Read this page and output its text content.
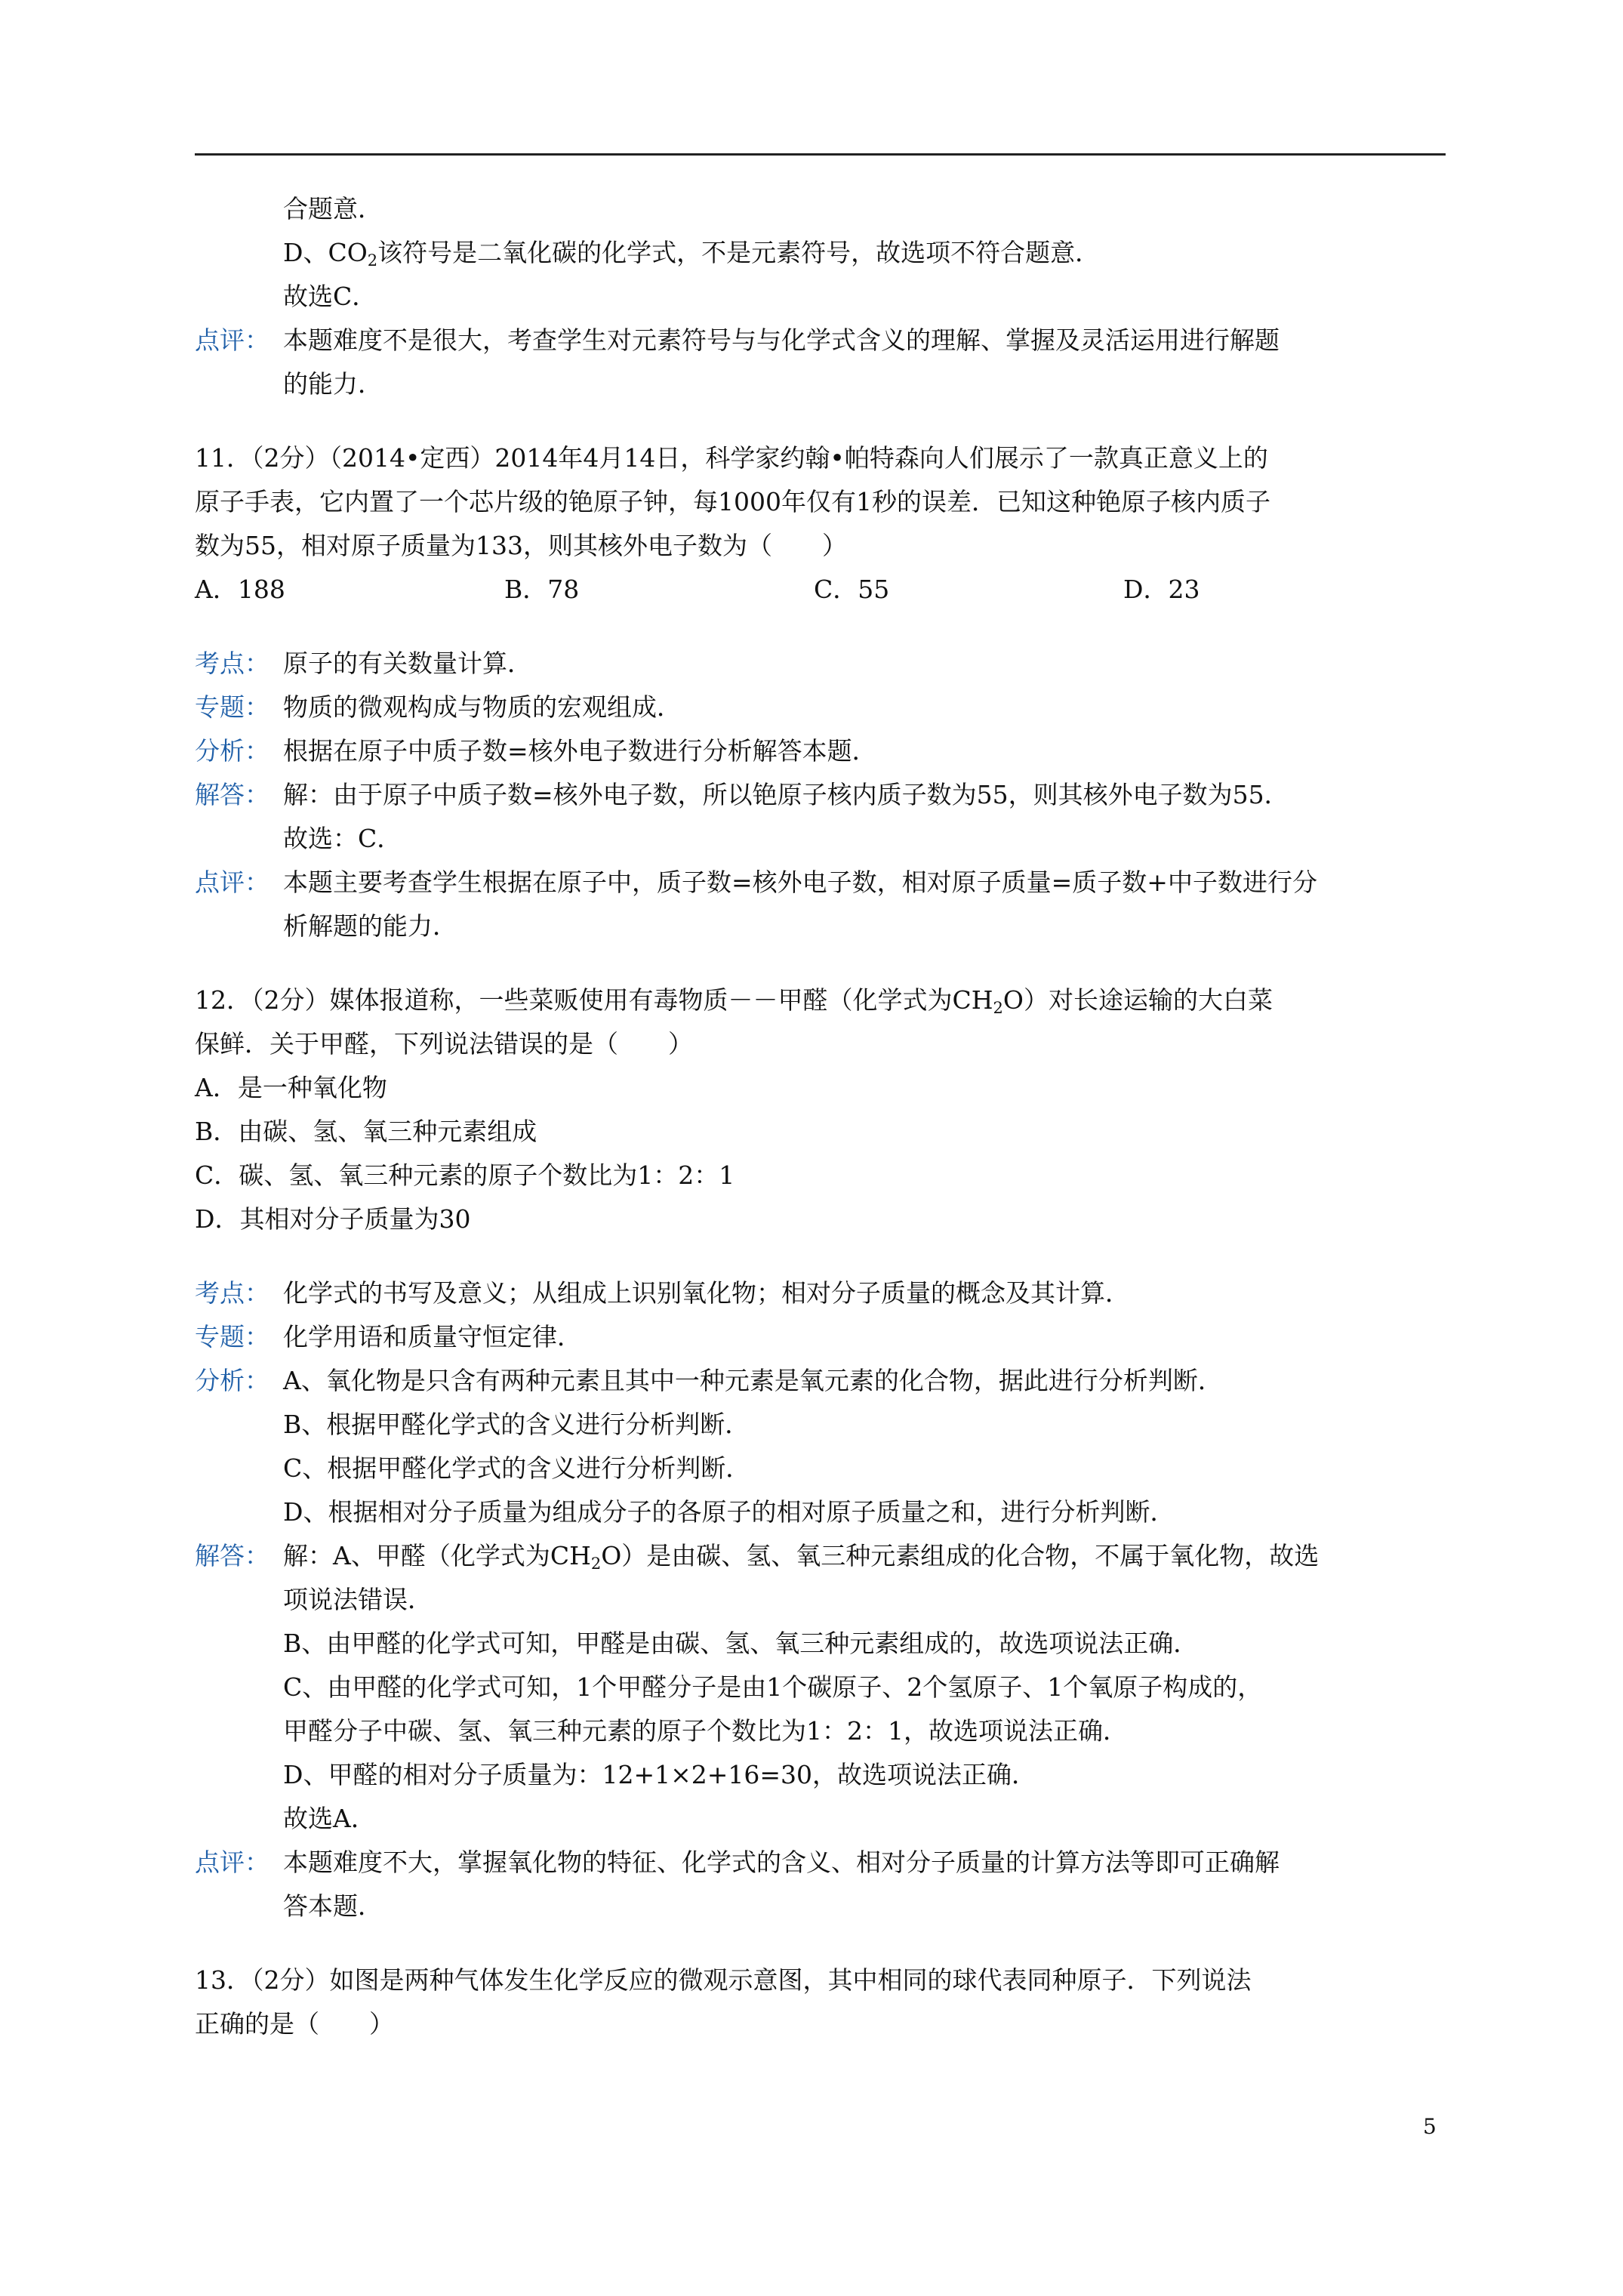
合题意．
D、$CO_2$该符号是二氧化碳的化学式，不是元素符号，故选项不符合题意．
故选C．
点评： 本题难度不是很大，考查学生对元素符号与与化学式含义的理解、掌握及灵活运用进行解题
的能力．
11．（2分）（2014•定西）2014年4月14日，科学家约翰•帕特森向人们展示了一款真正意义上的
原子手表，它内置了一个芯片级的铯原子钟，每1000年仅有1秒的误差．已知这种铯原子核内质子
数为55，相对原子质量为133，则其核外电子数为（　　）
A．188	B．78	C．55	D．23
考点： 原子的有关数量计算．
专题： 物质的微观构成与物质的宏观组成．
分析： 根据在原子中质子数=核外电子数进行分析解答本题．
解答： 解：由于原子中质子数=核外电子数，所以铯原子核内质子数为55，则其核外电子数为55．
故选：C．
点评： 本题主要考查学生根据在原子中，质子数=核外电子数，相对原子质量=质子数+中子数进行分
析解题的能力．
12．（2分）媒体报道称，一些菜贩使用有毒物质－－甲醛（化学式为$CH_2O$）对长途运输的大白菜
保鲜．关于甲醛，下列说法错误的是（　　）
A．是一种氧化物
B．由碳、氢、氧三种元素组成
C．碳、氢、氧三种元素的原子个数比为1：2：1
D．其相对分子质量为30
考点： 化学式的书写及意义；从组成上识别氧化物；相对分子质量的概念及其计算．
专题： 化学用语和质量守恒定律．
分析： A、氧化物是只含有两种元素且其中一种元素是氧元素的化合物，据此进行分析判断．
B、根据甲醛化学式的含义进行分析判断．
C、根据甲醛化学式的含义进行分析判断．
D、根据相对分子质量为组成分子的各原子的相对原子质量之和，进行分析判断．
解答： 解：A、甲醛（化学式为$CH_2O$）是由碳、氢、氧三种元素组成的化合物，不属于氧化物，故选
项说法错误．
B、由甲醛的化学式可知，甲醛是由碳、氢、氧三种元素组成的，故选项说法正确．
C、由甲醛的化学式可知，1个甲醛分子是由1个碳原子、2个氢原子、1个氧原子构成的，
甲醛分子中碳、氢、氧三种元素的原子个数比为1：2：1，故选项说法正确．
D、甲醛的相对分子质量为：12+1×2+16=30，故选项说法正确．
故选A．
点评： 本题难度不大，掌握氧化物的特征、化学式的含义、相对分子质量的计算方法等即可正确解
答本题．
13．（2分）如图是两种气体发生化学反应的微观示意图，其中相同的球代表同种原子．下列说法
正确的是（　　）
5
